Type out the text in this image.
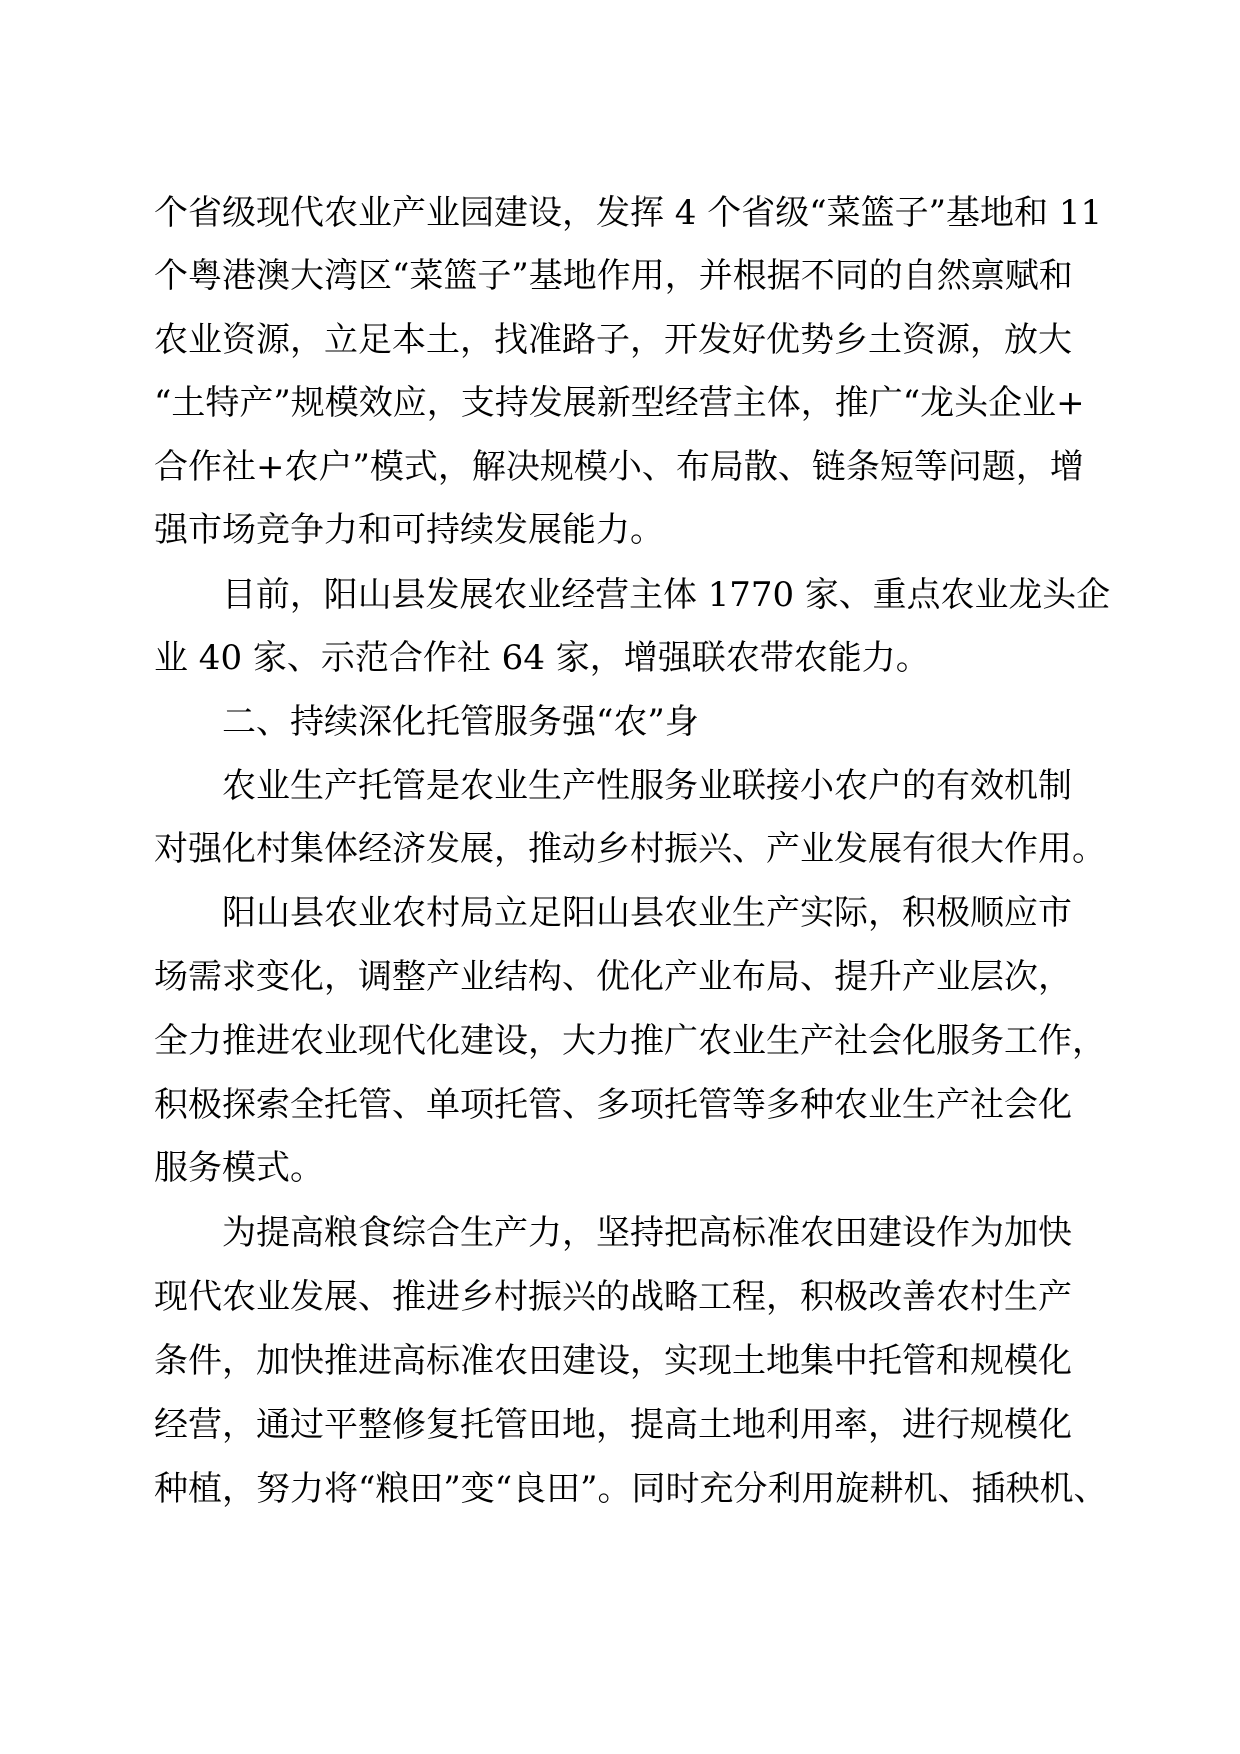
个省级现代农业产业园建设，发挥 4 个省级“菜篮子”基地和 11
个粤港澳大湾区“菜篮子”基地作用，并根据不同的自然禀赋和
农业资源，立足本土，找准路子，开发好优势乡土资源，放大
“土特产”规模效应，支持发展新型经营主体，推广“龙头企业+
合作社+农户”模式，解决规模小、布局散、链条短等问题，增
强市场竞争力和可持续发展能力。
目前，阳山县发展农业经营主体 1770 家、重点农业龙头企
业 40 家、示范合作社 64 家，增强联农带农能力。
二、持续深化托管服务强“农”身
农业生产托管是农业生产性服务业联接小农户的有效机制
对强化村集体经济发展，推动乡村振兴、产业发展有很大作用。
阳山县农业农村局立足阳山县农业生产实际，积极顺应市
场需求变化，调整产业结构、优化产业布局、提升产业层次，
全力推进农业现代化建设，大力推广农业生产社会化服务工作，
积极探索全托管、单项托管、多项托管等多种农业生产社会化
服务模式。
为提高粮食综合生产力，坚持把高标准农田建设作为加快
现代农业发展、推进乡村振兴的战略工程，积极改善农村生产
条件，加快推进高标准农田建设，实现土地集中托管和规模化
经营，通过平整修复托管田地，提高土地利用率，进行规模化
种植，努力将“粮田”变“良田”。同时充分利用旋耕机、插秧机、
